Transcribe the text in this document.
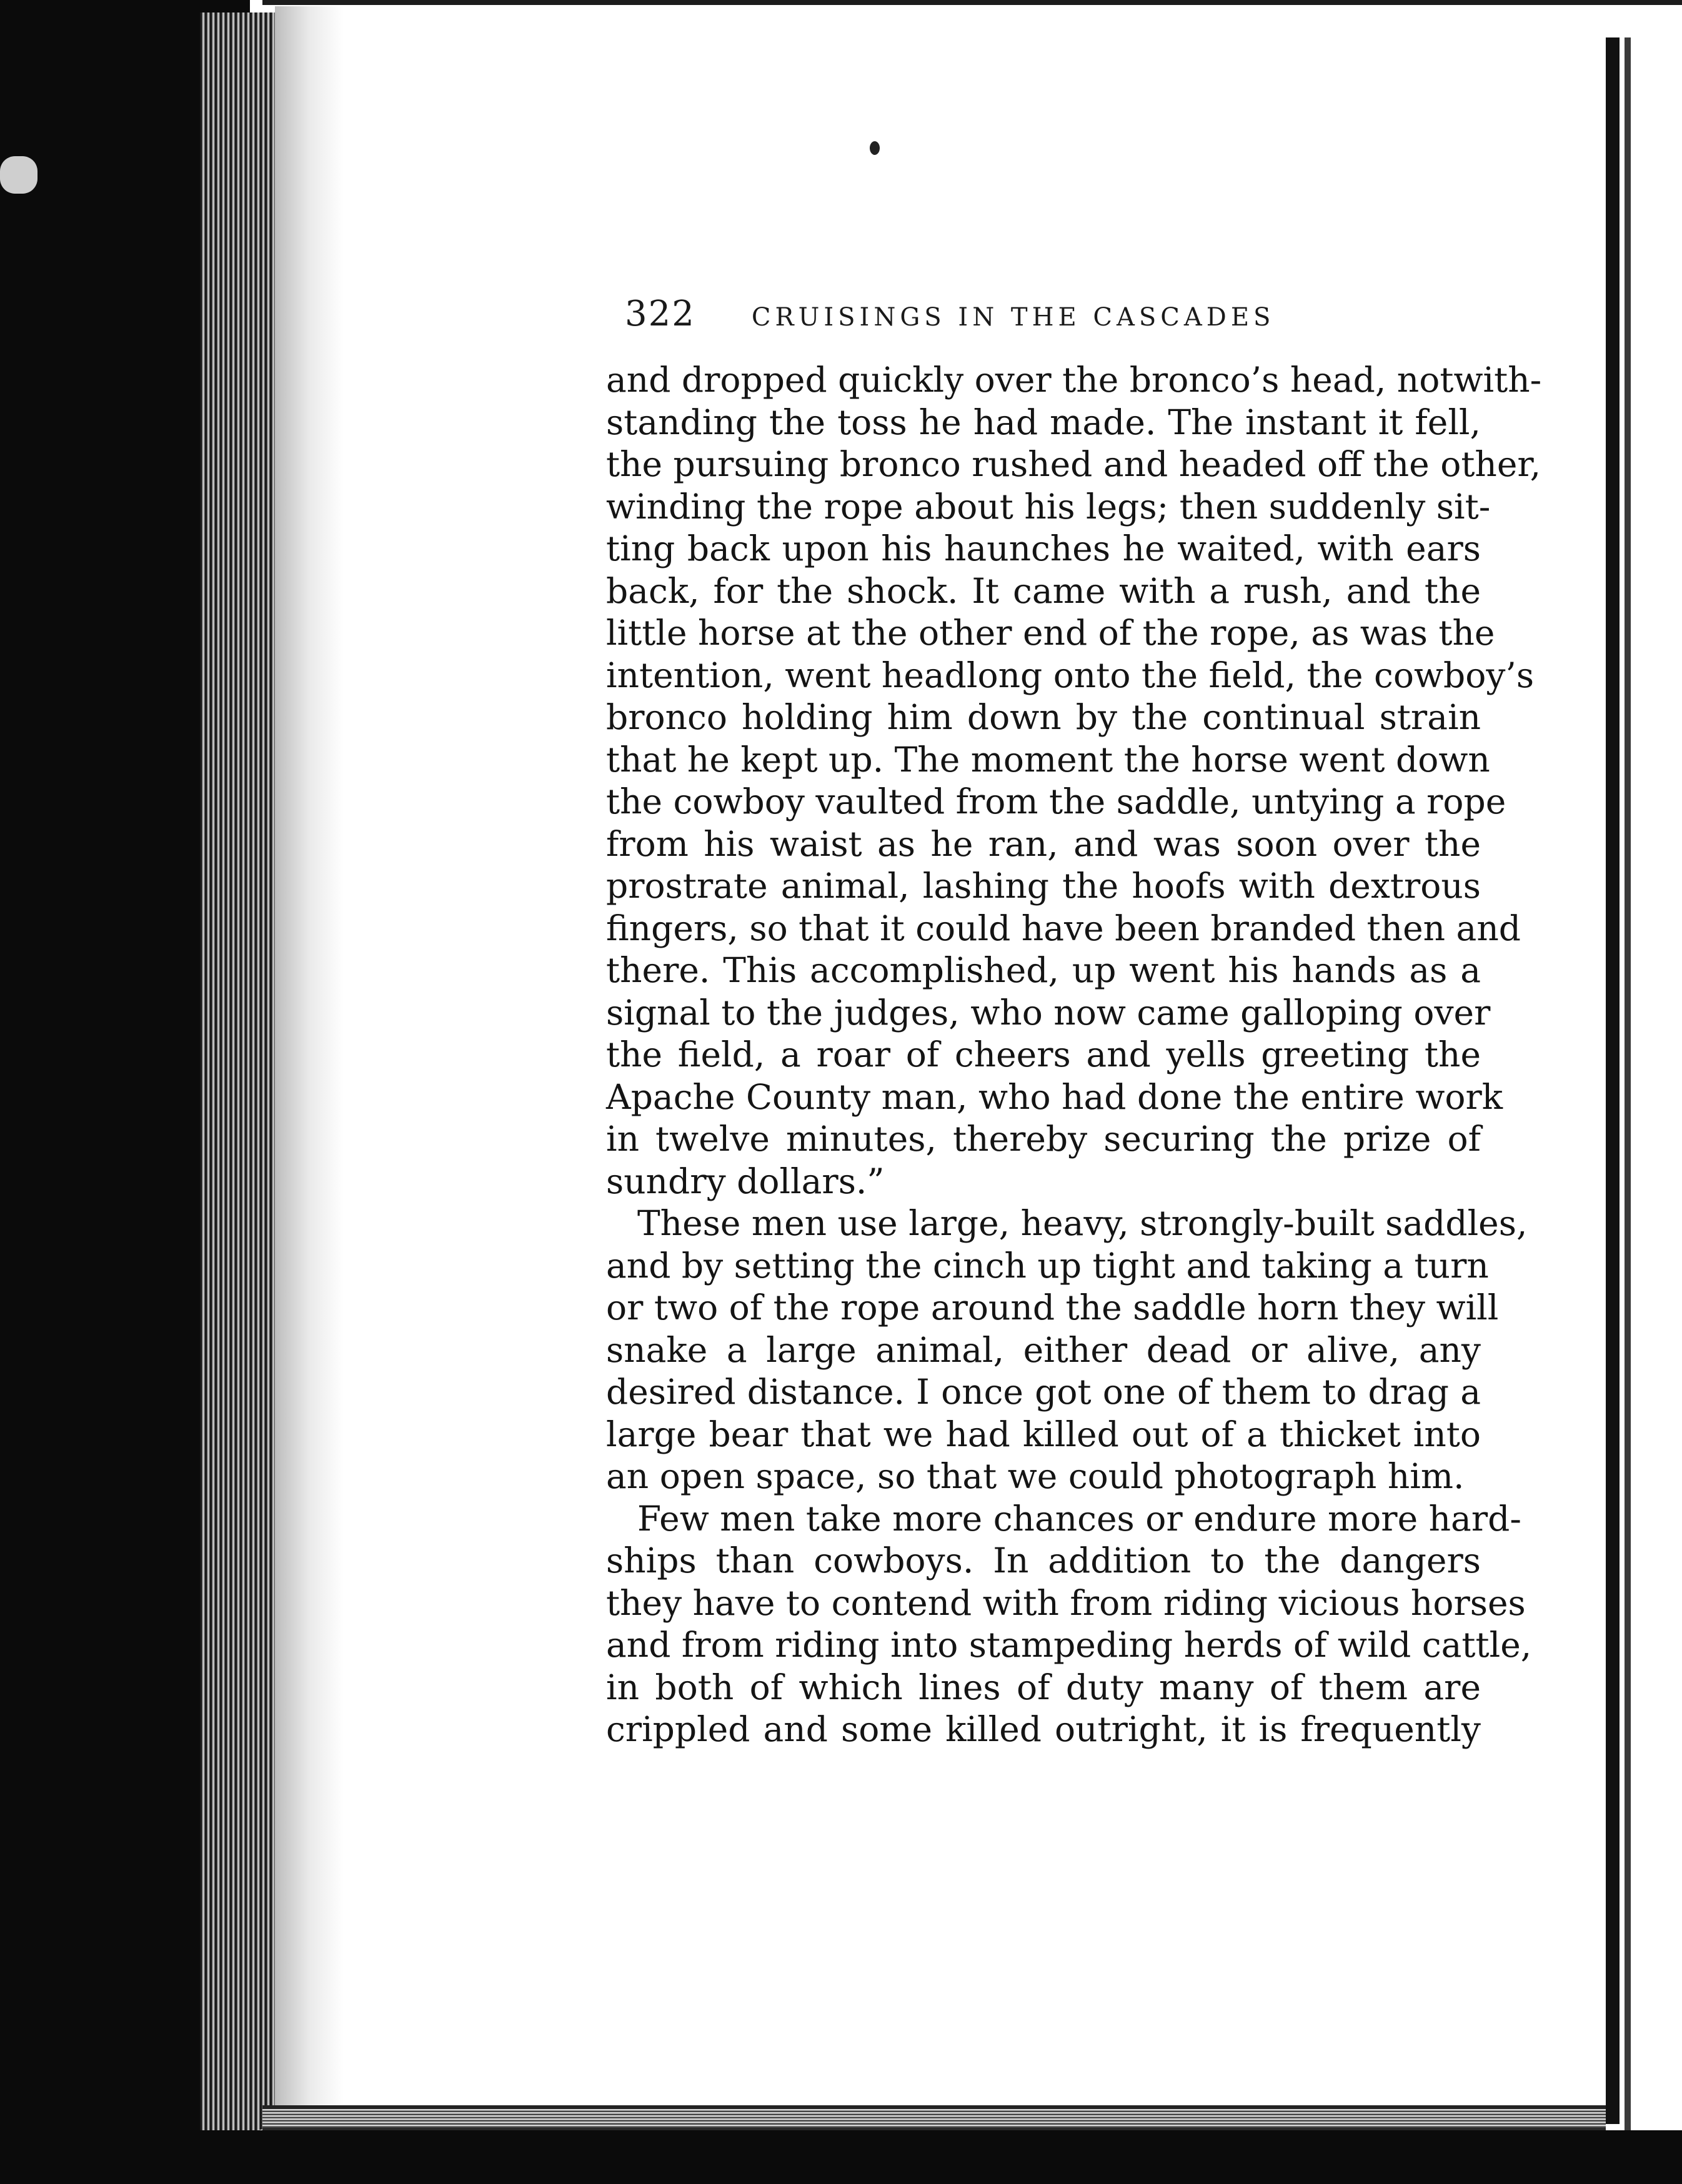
322 CRUISINGS IN THE CASCADES
and dropped quickly over the bronco’s head, notwith-
standing the toss he had made. The instant it fell,
the pursuing bronco rushed and headed off the other,
winding the rope about his legs; then suddenly sit-
ting back upon his haunches he waited, with ears
back, for the shock. It came with a rush, and the
little horse at the other end of the rope, as was the
intention, went headlong onto the field, the cowboy’s
bronco holding him down by the continual strain
that he kept up. The moment the horse went down
the cowboy vaulted from the saddle, untying a rope
from his waist as he ran, and was soon over the
prostrate animal, lashing the hoofs with dextrous
fingers, so that it could have been branded then and
there. This accomplished, up went his hands as a
signal to the judges, who now came galloping over
the field, a roar of cheers and yells greeting the
Apache County man, who had done the entire work
in twelve minutes, thereby securing the prize of
sundry dollars.”
These men use large, heavy, strongly-built saddles,
and by setting the cinch up tight and taking a turn
or two of the rope around the saddle horn they will
snake a large animal, either dead or alive, any
desired distance. I once got one of them to drag a
large bear that we had killed out of a thicket into
an open space, so that we could photograph him.
Few men take more chances or endure more hard-
ships than cowboys. In addition to the dangers
they have to contend with from riding vicious horses
and from riding into stampeding herds of wild cattle,
in both of which lines of duty many of them are
crippled and some killed outright, it is frequently
